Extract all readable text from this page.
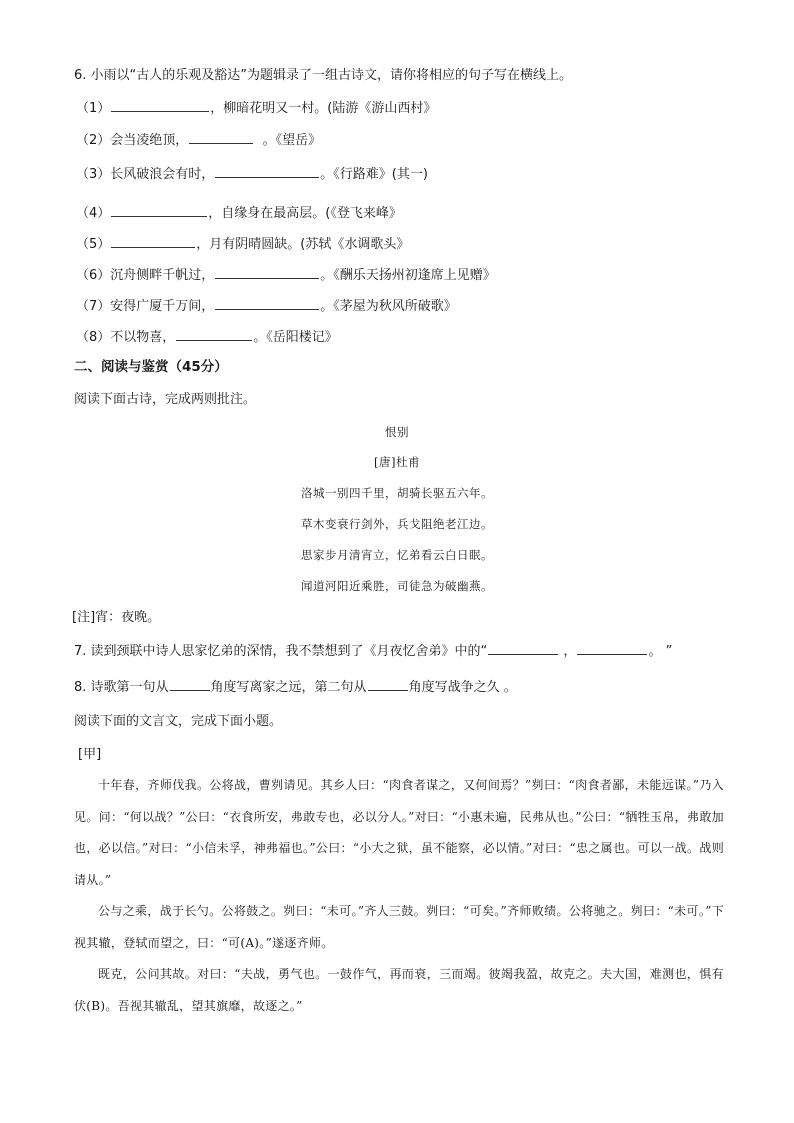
6. 小雨以“古人的乐观及豁达”为题辑录了一组古诗文，请你将相应的句子写在横线上。
（1）	，柳暗花明又一村。(陆游《游山西村》
（2）会当凌绝顶，	。《望岳》
（3）长风破浪会有时，	。《行路难》(其一)
（4）	，自缘身在最高层。(《登飞来峰》
（5）	，月有阴晴圆缺。(苏轼《水调歌头》
（6）沉舟侧畔千帆过，	。《酬乐天扬州初逢席上见赠》
（7）安得广厦千万间，	。《茅屋为秋风所破歌》
（8）不以物喜，	。《岳阳楼记》
二、阅读与鉴赏（45分）
阅读下面古诗，完成两则批注。
恨别
[唐]杜甫
洛城一别四千里，胡骑长驱五六年。
草木变衰行剑外，兵戈阻绝老江边。
思家步月清宵立，忆弟看云白日眠。
闻道河阳近乘胜，司徒急为破幽燕。
[注]宵：夜晚。
7. 读到颈联中诗人思家忆弟的深情，我不禁想到了《月夜忆舍弟》中的“	，	。 ”
8. 诗歌第一句从	角度写离家之远，第二句从	角度写战争之久 。
阅读下面的文言文，完成下面小题。
[甲]

十年春，齐师伐我。公将战，曹刿请见。其乡人曰：“肉食者谋之，又何间焉？”刿曰：“肉食者鄙，未能远谋。”乃入见。问：“何以战？”公曰：“衣食所安，弗敢专也，必以分人。”对曰：“小惠未遍，民弗从也。”公曰：“牺牲玉帛，弗敢加也，必以信。”对曰：“小信未孚，神弗福也。”公曰：“小大之狱，虽不能察，必以情。”对曰：“忠之属也。可以一战。战则请从。”

公与之乘，战于长勺。公将鼓之。刿曰：“未可。”齐人三鼓。刿曰：“可矣。”齐师败绩。公将驰之。刿曰：“未可。”下视其辙，登轼而望之，曰：“可(A)。”遂逐齐师。

既克，公问其故。对曰：“夫战，勇气也。一鼓作气，再而衰，三而竭。彼竭我盈，故克之。夫大国，难测也，惧有伏(B)。吾视其辙乱，望其旗靡，故逐之。”
